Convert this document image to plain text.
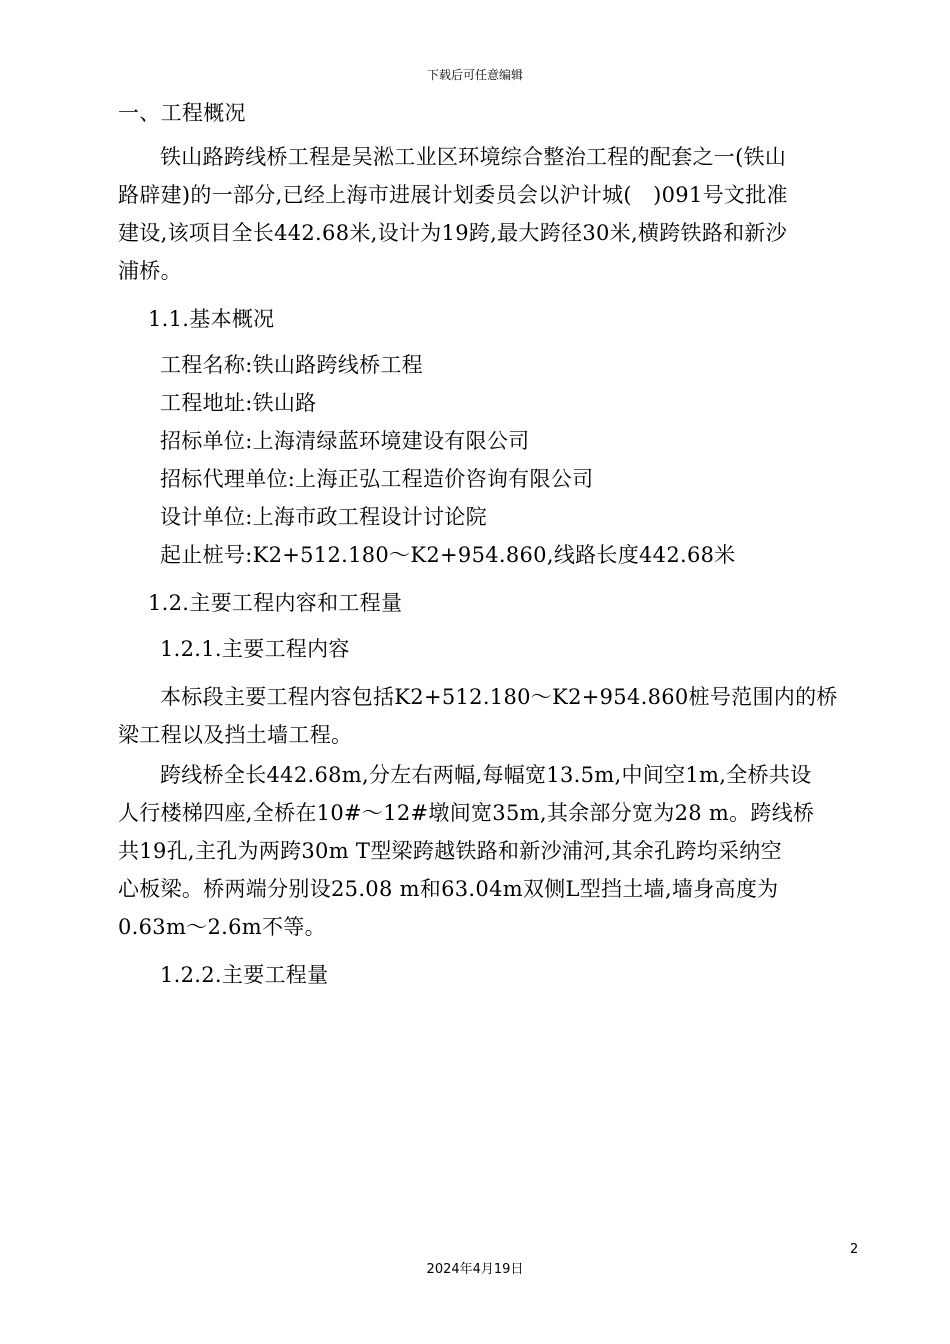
下载后可任意编辑
一、工程概况
铁山路跨线桥工程是吴淞工业区环境综合整治工程的配套之一(铁山
路辟建)的一部分,已经上海市进展计划委员会以沪计城(　)091号文批准
建设,该项目全长442.68米,设计为19跨,最大跨径30米,横跨铁路和新沙
浦桥。
1.1.基本概况
工程名称:铁山路跨线桥工程
工程地址:铁山路
招标单位:上海清绿蓝环境建设有限公司
招标代理单位:上海正弘工程造价咨询有限公司
设计单位:上海市政工程设计讨论院
起止桩号:K2+512.180～K2+954.860,线路长度442.68米
1.2.主要工程内容和工程量
1.2.1.主要工程内容
本标段主要工程内容包括K2+512.180～K2+954.860桩号范围内的桥
梁工程以及挡土墙工程。
跨线桥全长442.68m,分左右两幅,每幅宽13.5m,中间空1m,全桥共设
人行楼梯四座,全桥在10#～12#墩间宽35m,其余部分宽为28 m。跨线桥
共19孔,主孔为两跨30m T型梁跨越铁路和新沙浦河,其余孔跨均采纳空
心板梁。桥两端分别设25.08 m和63.04m双侧L型挡土墙,墙身高度为
0.63m～2.6m不等。
1.2.2.主要工程量
2
2024年4月19日
